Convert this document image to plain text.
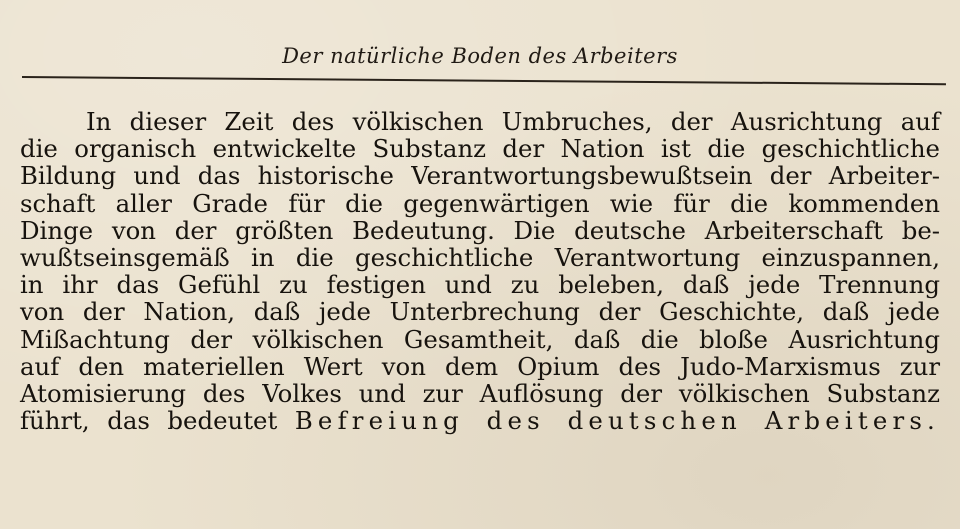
Der natürliche Boden des Arbeiters
In dieser Zeit des völkischen Umbruches, der Ausrichtung auf
die organisch entwickelte Substanz der Nation ist die geschichtliche
Bildung und das historische Verantwortungsbewußtsein der Arbeiter-
schaft aller Grade für die gegenwärtigen wie für die kommenden
Dinge von der größten Bedeutung. Die deutsche Arbeiterschaft be-
wußtseinsgemäß in die geschichtliche Verantwortung einzuspannen,
in ihr das Gefühl zu festigen und zu beleben, daß jede Trennung
von der Nation, daß jede Unterbrechung der Geschichte, daß jede
Mißachtung der völkischen Gesamtheit, daß die bloße Ausrichtung
auf den materiellen Wert von dem Opium des Judo-Marxismus zur
Atomisierung des Volkes und zur Auflösung der völkischen Substanz
führt, das bedeutet Befreiung des deutschen Arbeiters.
